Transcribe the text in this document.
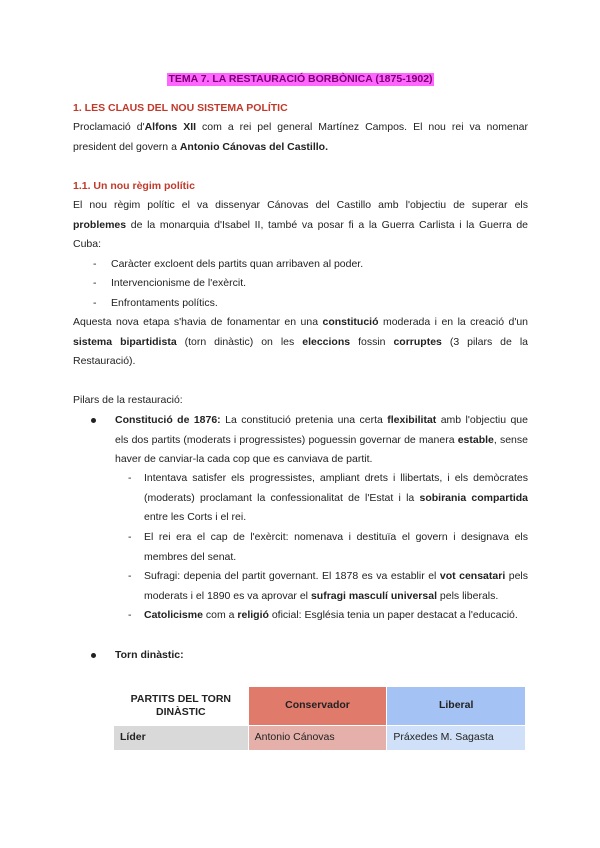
TEMA 7. LA RESTAURACIÓ BORBÒNICA (1875-1902)
1. LES CLAUS DEL NOU SISTEMA POLÍTIC
Proclamació d'Alfons XII com a rei pel general Martínez Campos. El nou rei va nomenar
president del govern a Antonio Cánovas del Castillo.
1.1. Un nou règim polític
El nou règim polític el va dissenyar Cánovas del Castillo amb l'objectiu de superar els
problemes de la monarquia d'Isabel II, també va posar fi a la Guerra Carlista i la Guerra de
Cuba:
- Caràcter excloent dels partits quan arribaven al poder.
- Intervencionisme de l'exèrcit.
- Enfrontaments polítics.
Aquesta nova etapa s'havia de fonamentar en una constitució moderada i en la creació d'un
sistema bipartidista (torn dinàstic) on les eleccions fossin corruptes (3 pilars de la
Restauració).
Pilars de la restauració:
Constitució de 1876: La constitució pretenia una certa flexibilitat amb l'objectiu que
els dos partits (moderats i progressistes) poguessin governar de manera estable, sense
haver de canviar-la cada cop que es canviava de partit.
- Intentava satisfer els progressistes, ampliant drets i llibertats, i els demòcrates
(moderats) proclamant la confessionalitat de l'Estat i la sobirania compartida
entre les Corts i el rei.
- El rei era el cap de l'exèrcit: nomenava i destituïa el govern i designava els
membres del senat.
- Sufragi: depenia del partit governant. El 1878 es va establir el vot censatari pels
moderats i el 1890 es va aprovar el sufragi masculí universal pels liberals.
- Catolicisme com a religió oficial: Església tenia un paper destacat a l'educació.
Torn dinàstic:
PARTITS DEL TORN DINÀSTIC	Conservador	Liberal
Líder	Antonio Cánovas	Práxedes M. Sagasta
